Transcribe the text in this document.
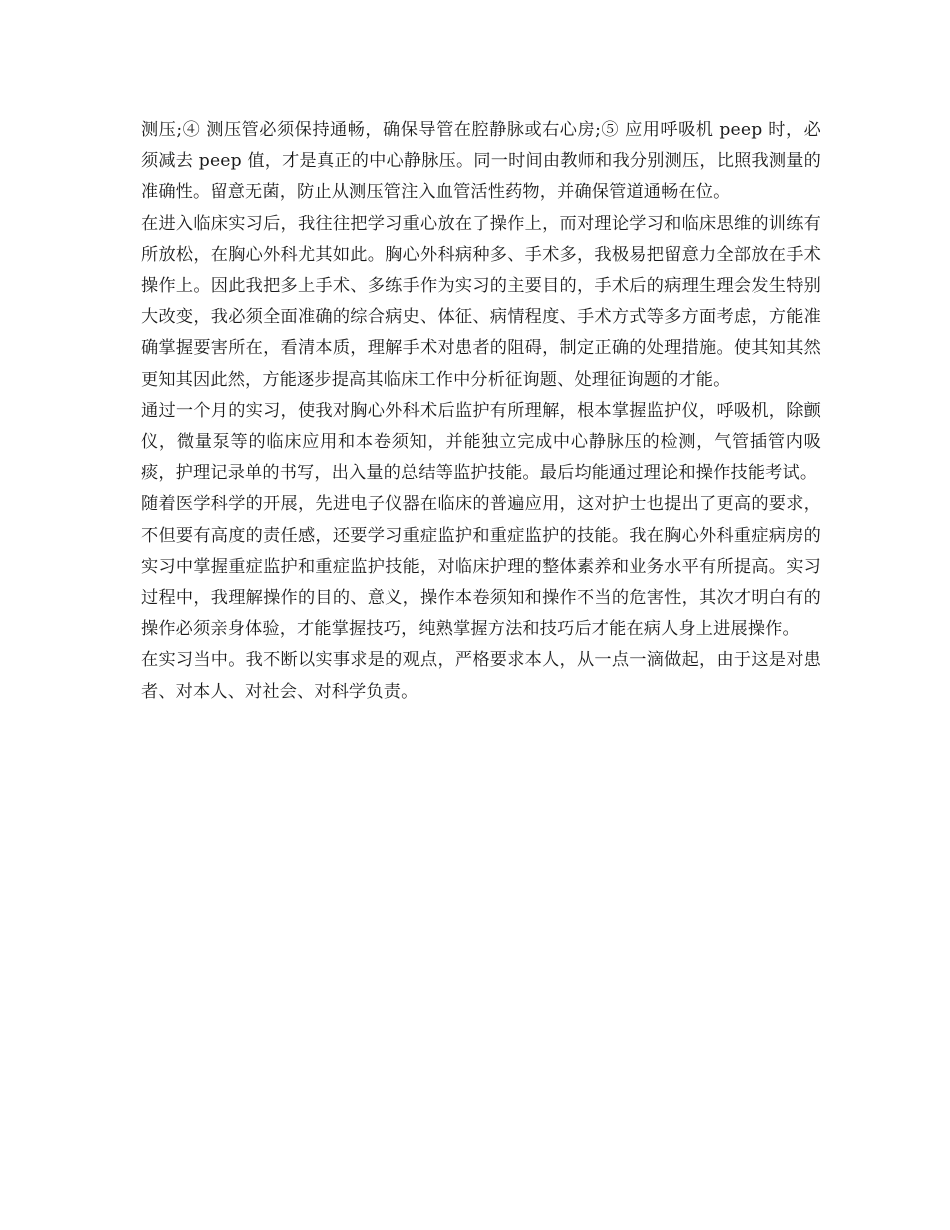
测压;④ 测压管必须保持通畅，确保导管在腔静脉或右心房;⑤ 应用呼吸机 peep 时，必须减去 peep 值，才是真正的中心静脉压。同一时间由教师和我分别测压，比照我测量的准确性。留意无菌，防止从测压管注入血管活性药物，并确保管道通畅在位。

在进入临床实习后，我往往把学习重心放在了操作上，而对理论学习和临床思维的训练有所放松，在胸心外科尤其如此。胸心外科病种多、手术多，我极易把留意力全部放在手术操作上。因此我把多上手术、多练手作为实习的主要目的，手术后的病理生理会发生特别大改变，我必须全面准确的综合病史、体征、病情程度、手术方式等多方面考虑，方能准确掌握要害所在，看清本质，理解手术对患者的阻碍，制定正确的处理措施。使其知其然更知其因此然，方能逐步提高其临床工作中分析征询题、处理征询题的才能。

通过一个月的实习，使我对胸心外科术后监护有所理解，根本掌握监护仪，呼吸机，除颤仪，微量泵等的临床应用和本卷须知，并能独立完成中心静脉压的检测，气管插管内吸痰，护理记录单的书写，出入量的总结等监护技能。最后均能通过理论和操作技能考试。

随着医学科学的开展，先进电子仪器在临床的普遍应用，这对护士也提出了更高的要求，不但要有高度的责任感，还要学习重症监护和重症监护的技能。我在胸心外科重症病房的实习中掌握重症监护和重症监护技能，对临床护理的整体素养和业务水平有所提高。实习过程中，我理解操作的目的、意义，操作本卷须知和操作不当的危害性，其次才明白有的操作必须亲身体验，才能掌握技巧，纯熟掌握方法和技巧后才能在病人身上进展操作。

在实习当中。我不断以实事求是的观点，严格要求本人，从一点一滴做起，由于这是对患者、对本人、对社会、对科学负责。
